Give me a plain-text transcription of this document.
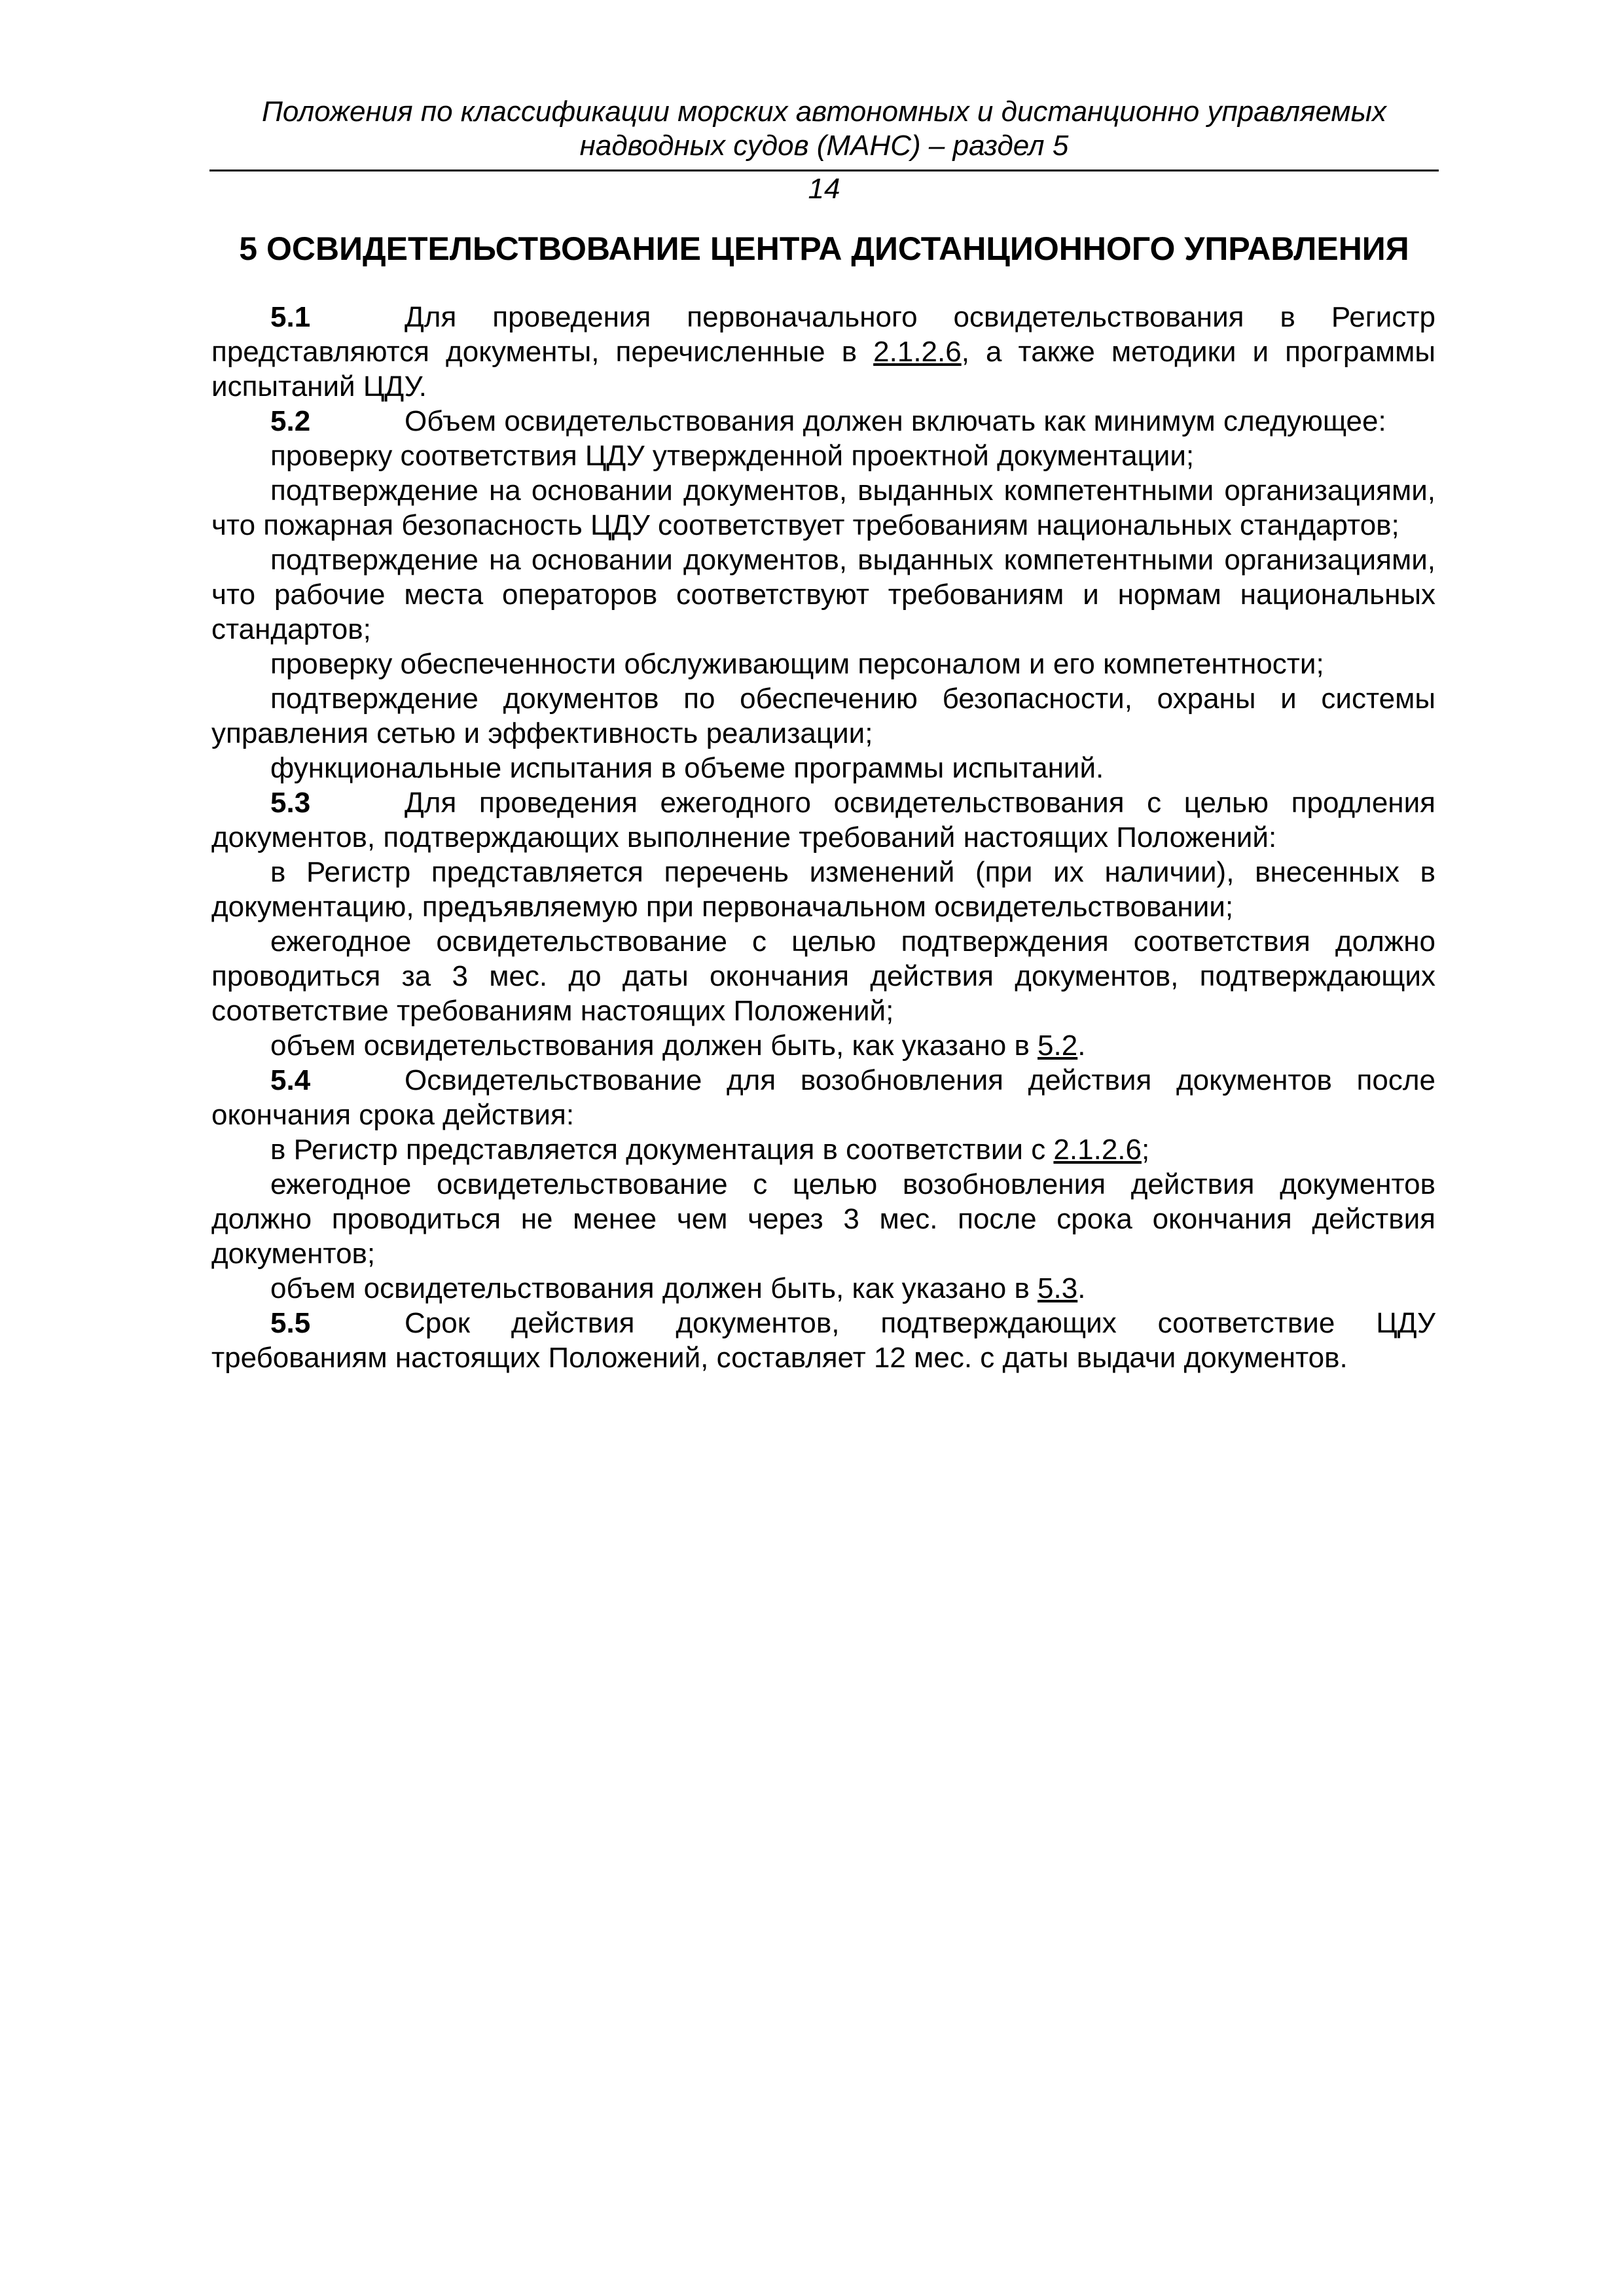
Положения по классификации морских автономных и дистанционно управляемых
надводных судов (МАНС) – раздел 5
14
5 ОСВИДЕТЕЛЬСТВОВАНИЕ ЦЕНТРА ДИСТАНЦИОННОГО УПРАВЛЕНИЯ

5.1	Для проведения первоначального освидетельствования в Регистр представляются документы, перечисленные в 2.1.2.6, а также методики и программы испытаний ЦДУ.

5.2	Объем освидетельствования должен включать как минимум следующее:

проверку соответствия ЦДУ утвержденной проектной документации;

подтверждение на основании документов, выданных компетентными организациями, что пожарная безопасность ЦДУ соответствует требованиям национальных стандартов;

подтверждение на основании документов, выданных компетентными организациями, что рабочие места операторов соответствуют требованиям и нормам национальных стандартов;

проверку обеспеченности обслуживающим персоналом и его компетентности;

подтверждение документов по обеспечению безопасности, охраны и системы управления сетью и эффективность реализации;

функциональные испытания в объеме программы испытаний.

5.3	Для проведения ежегодного освидетельствования с целью продления документов, подтверждающих выполнение требований настоящих Положений:

в Регистр представляется перечень изменений (при их наличии), внесенных в документацию, предъявляемую при первоначальном освидетельствовании;

ежегодное освидетельствование с целью подтверждения соответствия должно проводиться за 3 мес. до даты окончания действия документов, подтверждающих соответствие требованиям настоящих Положений;

объем освидетельствования должен быть, как указано в 5.2.

5.4	Освидетельствование для возобновления действия документов после окончания срока действия:

в Регистр представляется документация в соответствии с 2.1.2.6;

ежегодное освидетельствование с целью возобновления действия документов должно проводиться не менее чем через 3 мес. после срока окончания действия документов;

объем освидетельствования должен быть, как указано в 5.3.

5.5	Срок действия документов, подтверждающих соответствие ЦДУ требованиям настоящих Положений, составляет 12 мес. с даты выдачи документов.
